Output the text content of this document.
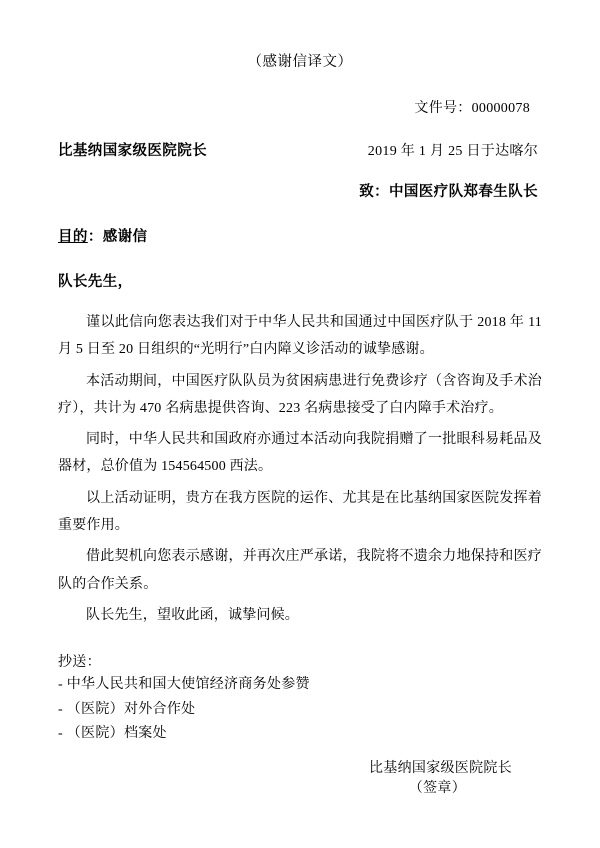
（感谢信译文）
文件号：00000078
比基纳国家级医院院长	2019 年 1 月 25 日于达喀尔
致：中国医疗队郑春生队长
目的：感谢信
队长先生，

谨以此信向您表达我们对于中华人民共和国通过中国医疗队于 2018 年 11 月 5 日至 20 日组织的“光明行”白内障义诊活动的诚挚感谢。

本活动期间，中国医疗队队员为贫困病患进行免费诊疗（含咨询及手术治疗），共计为 470 名病患提供咨询、223 名病患接受了白内障手术治疗。

同时，中华人民共和国政府亦通过本活动向我院捐赠了一批眼科易耗品及器材，总价值为 154564500 西法。

以上活动证明，贵方在我方医院的运作、尤其是在比基纳国家医院发挥着重要作用。

借此契机向您表示感谢，并再次庄严承诺，我院将不遗余力地保持和医疗队的合作关系。

队长先生，望收此函，诚挚问候。

抄送：
- 中华人民共和国大使馆经济商务处参赞
- （医院）对外合作处
- （医院）档案处
比基纳国家级医院院长
（签章）
